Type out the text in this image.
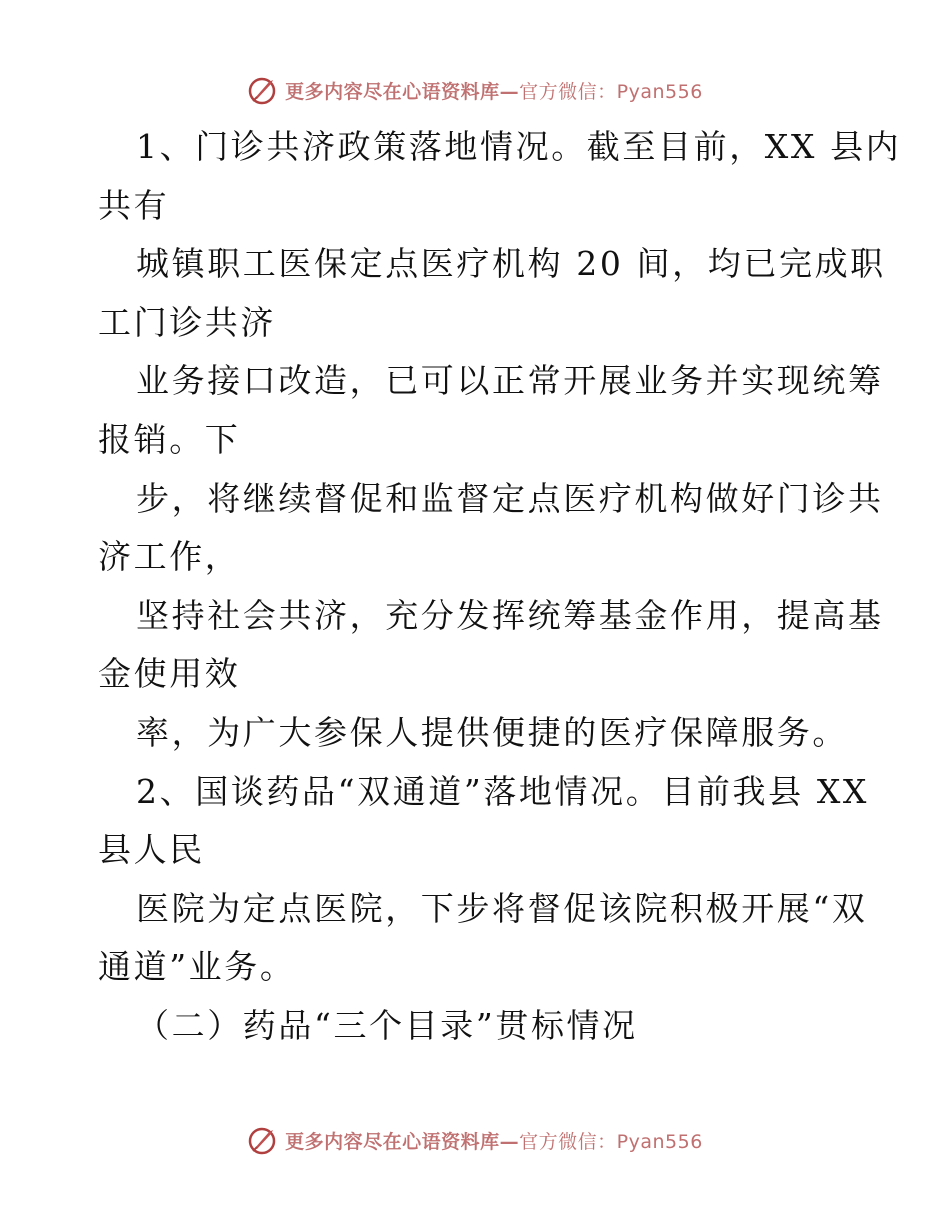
更多内容尽在心语资料库—官方微信：Pyan556
1、门诊共济政策落地情况。截至目前，XX 县内
共有
城镇职工医保定点医疗机构 20 间，均已完成职
工门诊共济
业务接口改造，已可以正常开展业务并实现统筹
报销。下
步，将继续督促和监督定点医疗机构做好门诊共
济工作，
坚持社会共济，充分发挥统筹基金作用，提高基
金使用效
率，为广大参保人提供便捷的医疗保障服务。
2、国谈药品“双通道”落地情况。目前我县 XX
县人民
医院为定点医院，下步将督促该院积极开展“双
通道”业务。
（二）药品“三个目录”贯标情况
更多内容尽在心语资料库—官方微信：Pyan556
